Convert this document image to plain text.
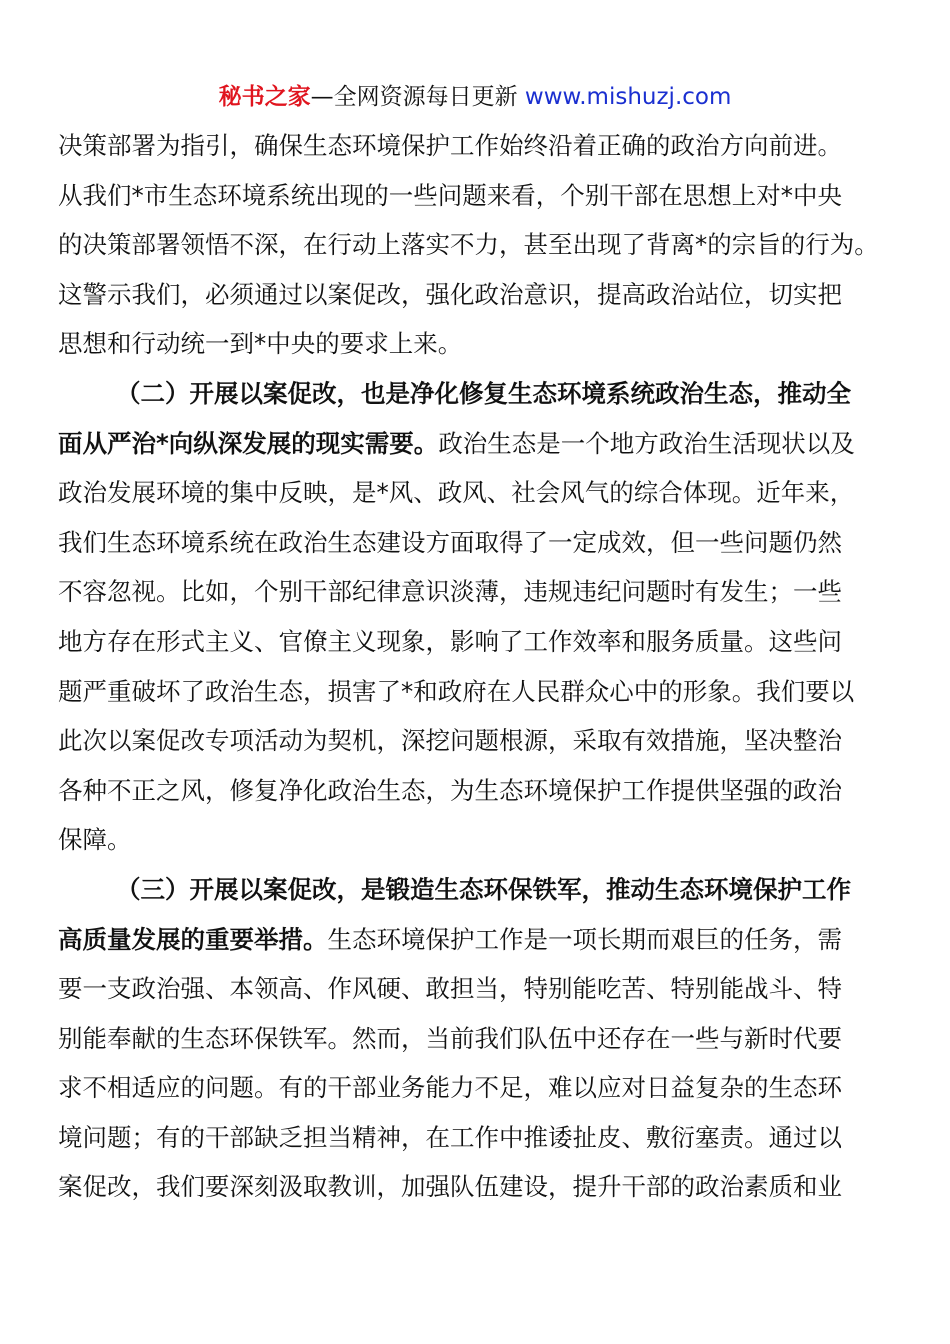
秘书之家—全网资源每日更新 www.mishuzj.com
决策部署为指引，确保生态环境保护工作始终沿着正确的政治方向前进。
从我们*市生态环境系统出现的一些问题来看，个别干部在思想上对*中央
的决策部署领悟不深，在行动上落实不力，甚至出现了背离*的宗旨的行为。
这警示我们，必须通过以案促改，强化政治意识，提高政治站位，切实把
思想和行动统一到*中央的要求上来。
（二）开展以案促改，也是净化修复生态环境系统政治生态，推动全
面从严治*向纵深发展的现实需要。政治生态是一个地方政治生活现状以及
政治发展环境的集中反映，是*风、政风、社会风气的综合体现。近年来，
我们生态环境系统在政治生态建设方面取得了一定成效，但一些问题仍然
不容忽视。比如，个别干部纪律意识淡薄，违规违纪问题时有发生；一些
地方存在形式主义、官僚主义现象，影响了工作效率和服务质量。这些问
题严重破坏了政治生态，损害了*和政府在人民群众心中的形象。我们要以
此次以案促改专项活动为契机，深挖问题根源，采取有效措施，坚决整治
各种不正之风，修复净化政治生态，为生态环境保护工作提供坚强的政治
保障。
（三）开展以案促改，是锻造生态环保铁军，推动生态环境保护工作
高质量发展的重要举措。生态环境保护工作是一项长期而艰巨的任务，需
要一支政治强、本领高、作风硬、敢担当，特别能吃苦、特别能战斗、特
别能奉献的生态环保铁军。然而，当前我们队伍中还存在一些与新时代要
求不相适应的问题。有的干部业务能力不足，难以应对日益复杂的生态环
境问题；有的干部缺乏担当精神，在工作中推诿扯皮、敷衍塞责。通过以
案促改，我们要深刻汲取教训，加强队伍建设，提升干部的政治素质和业
